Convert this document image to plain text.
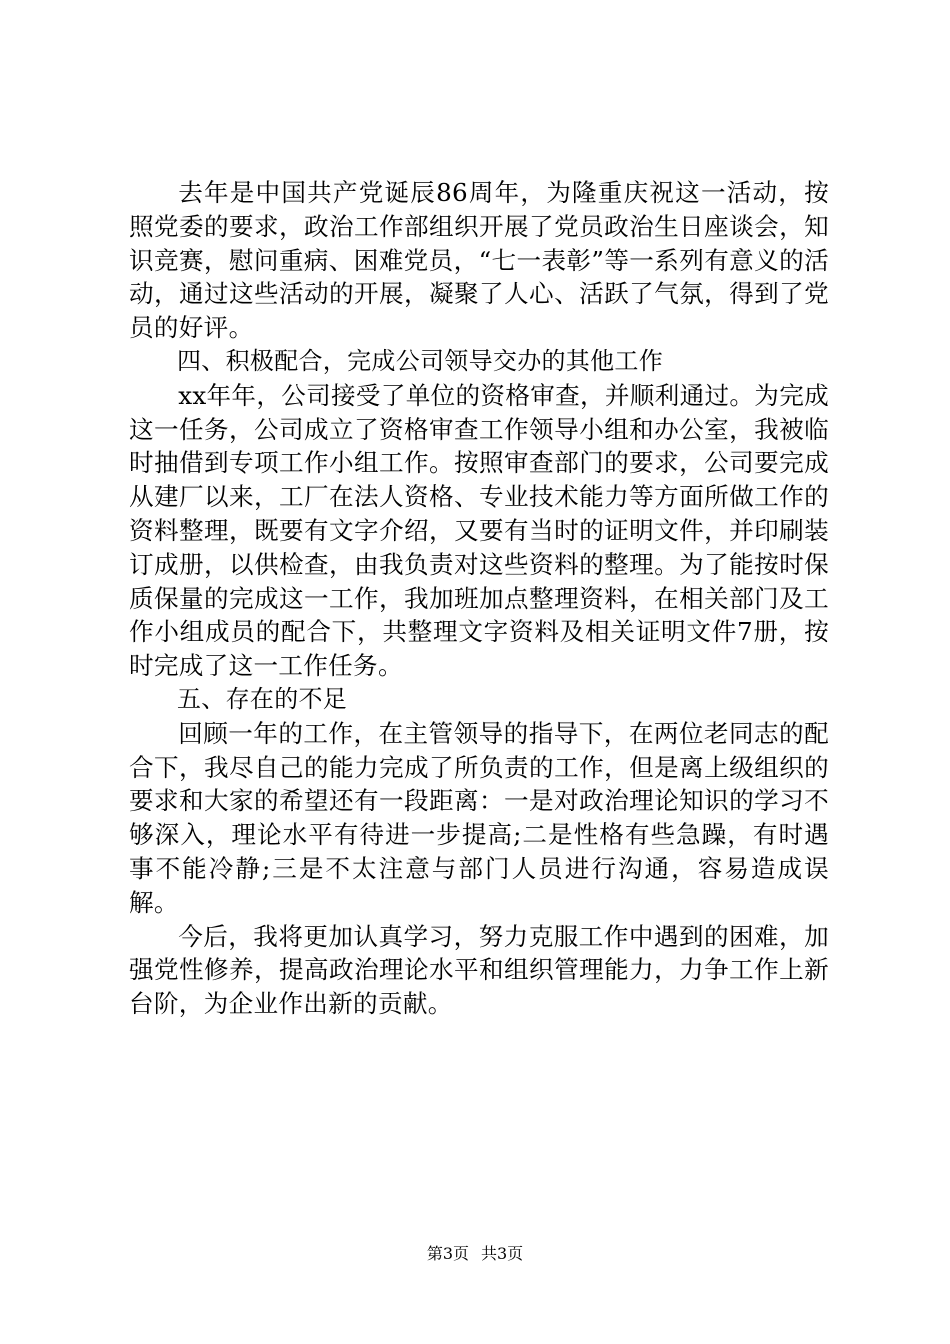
去年是中国共产党诞辰86周年，为隆重庆祝这一活动，按照党委的要求，政治工作部组织开展了党员政治生日座谈会，知识竞赛，慰问重病、困难党员，“七一表彰”等一系列有意义的活动，通过这些活动的开展，凝聚了人心、活跃了气氛，得到了党员的好评。

四、积极配合，完成公司领导交办的其他工作

xx年年，公司接受了单位的资格审查，并顺利通过。为完成这一任务，公司成立了资格审查工作领导小组和办公室，我被临时抽借到专项工作小组工作。按照审查部门的要求，公司要完成从建厂以来，工厂在法人资格、专业技术能力等方面所做工作的资料整理，既要有文字介绍，又要有当时的证明文件，并印刷装订成册，以供检查，由我负责对这些资料的整理。为了能按时保质保量的完成这一工作，我加班加点整理资料，在相关部门及工作小组成员的配合下，共整理文字资料及相关证明文件7册，按时完成了这一工作任务。

五、存在的不足

回顾一年的工作，在主管领导的指导下，在两位老同志的配合下，我尽自己的能力完成了所负责的工作，但是离上级组织的要求和大家的希望还有一段距离：一是对政治理论知识的学习不够深入，理论水平有待进一步提高;二是性格有些急躁，有时遇事不能冷静;三是不太注意与部门人员进行沟通，容易造成误解。

今后，我将更加认真学习，努力克服工作中遇到的困难，加强党性修养，提高政治理论水平和组织管理能力，力争工作上新台阶，为企业作出新的贡献。

第3页 共3页
